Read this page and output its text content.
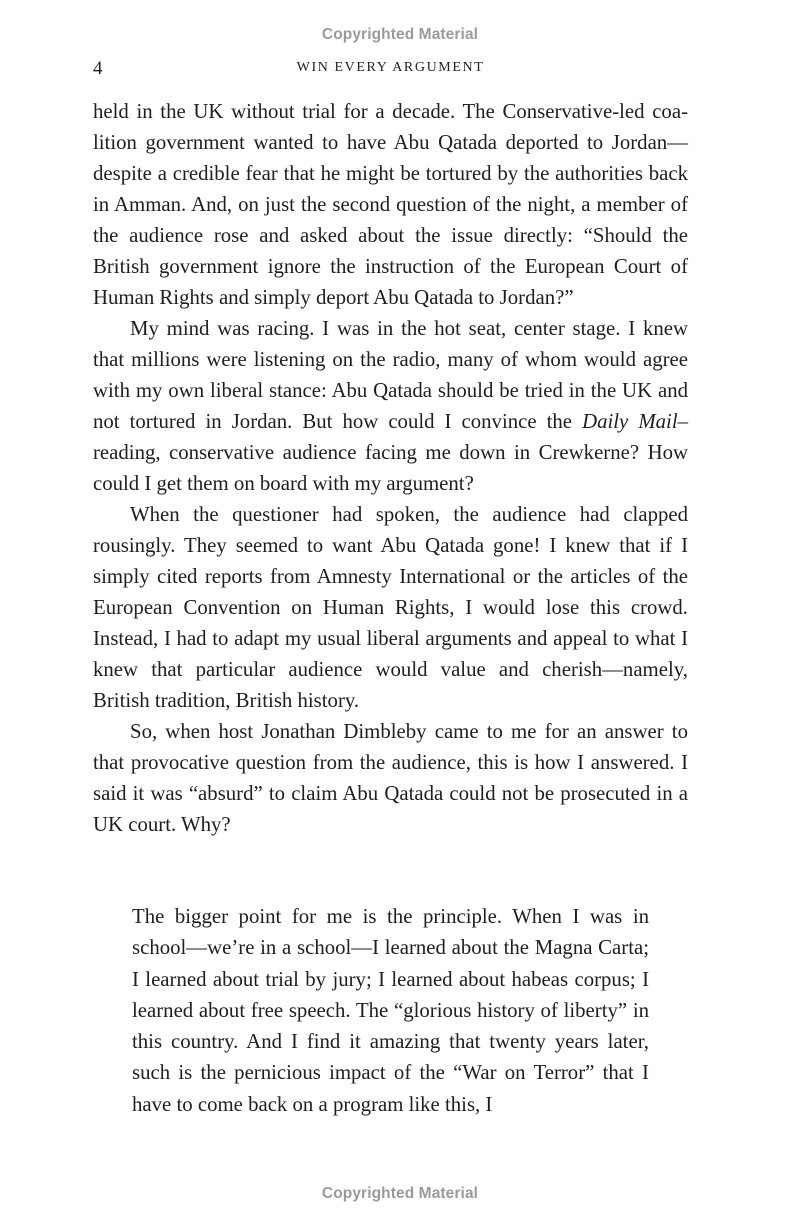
Copyrighted Material
4	WIN EVERY ARGUMENT

held in the UK without trial for a decade. The Conservative-led coalition government wanted to have Abu Qatada deported to Jordan—despite a credible fear that he might be tortured by the authorities back in Amman. And, on just the second question of the night, a member of the audience rose and asked about the issue directly: “Should the British government ignore the instruction of the European Court of Human Rights and simply deport Abu Qatada to Jordan?”

My mind was racing. I was in the hot seat, center stage. I knew that millions were listening on the radio, many of whom would agree with my own liberal stance: Abu Qatada should be tried in the UK and not tortured in Jordan. But how could I convince the Daily Mail–reading, conservative audience facing me down in Crewkerne? How could I get them on board with my argument?

When the questioner had spoken, the audience had clapped rousingly. They seemed to want Abu Qatada gone! I knew that if I simply cited reports from Amnesty International or the articles of the European Convention on Human Rights, I would lose this crowd. Instead, I had to adapt my usual liberal arguments and appeal to what I knew that particular audience would value and cherish—namely, British tradition, British history.

So, when host Jonathan Dimbleby came to me for an answer to that provocative question from the audience, this is how I answered. I said it was “absurd” to claim Abu Qatada could not be prosecuted in a UK court. Why?

The bigger point for me is the principle. When I was in school—we’re in a school—I learned about the Magna Carta; I learned about trial by jury; I learned about habeas corpus; I learned about free speech. The “glorious history of liberty” in this country. And I find it amazing that twenty years later, such is the pernicious impact of the “War on Terror” that I have to come back on a program like this, I

Copyrighted Material
